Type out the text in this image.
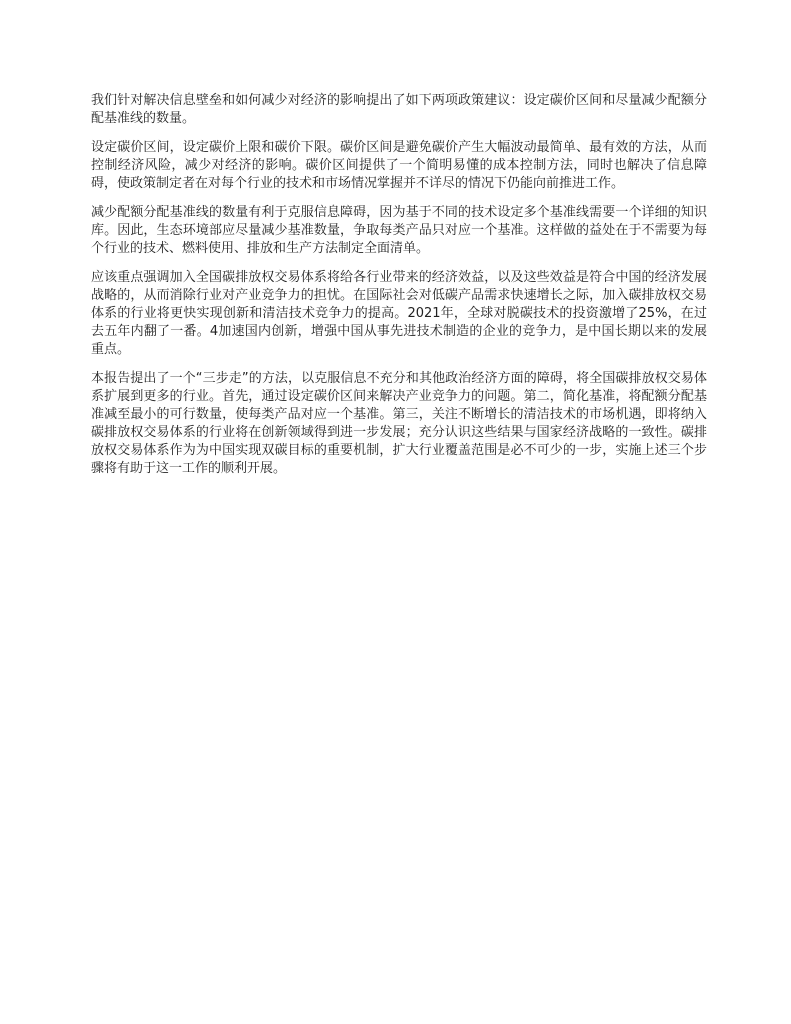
我们针对解决信息壁垒和如何减少对经济的影响提出了如下两项政策建议：设定碳价区间和尽量减少配额分配基准线的数量。

设定碳价区间，设定碳价上限和碳价下限。碳价区间是避免碳价产生大幅波动最简单、最有效的方法，从而控制经济风险，减少对经济的影响。碳价区间提供了一个简明易懂的成本控制方法，同时也解决了信息障碍，使政策制定者在对每个行业的技术和市场情况掌握并不详尽的情况下仍能向前推进工作。

减少配额分配基准线的数量有利于克服信息障碍，因为基于不同的技术设定多个基准线需要一个详细的知识库。因此，生态环境部应尽量减少基准数量，争取每类产品只对应一个基准。这样做的益处在于不需要为每个行业的技术、燃料使用、排放和生产方法制定全面清单。

应该重点强调加入全国碳排放权交易体系将给各行业带来的经济效益，以及这些效益是符合中国的经济发展战略的，从而消除行业对产业竞争力的担忧。在国际社会对低碳产品需求快速增长之际，加入碳排放权交易体系的行业将更快实现创新和清洁技术竞争力的提高。2021年，全球对脱碳技术的投资激增了25%，在过去五年内翻了一番。4加速国内创新，增强中国从事先进技术制造的企业的竞争力，是中国长期以来的发展重点。

本报告提出了一个“三步走”的方法，以克服信息不充分和其他政治经济方面的障碍，将全国碳排放权交易体系扩展到更多的行业。首先，通过设定碳价区间来解决产业竞争力的问题。第二，简化基准，将配额分配基准减至最小的可行数量，使每类产品对应一个基准。第三，关注不断增长的清洁技术的市场机遇，即将纳入碳排放权交易体系的行业将在创新领域得到进一步发展；充分认识这些结果与国家经济战略的一致性。碳排放权交易体系作为为中国实现双碳目标的重要机制，扩大行业覆盖范围是必不可少的一步，实施上述三个步骤将有助于这一工作的顺利开展。
